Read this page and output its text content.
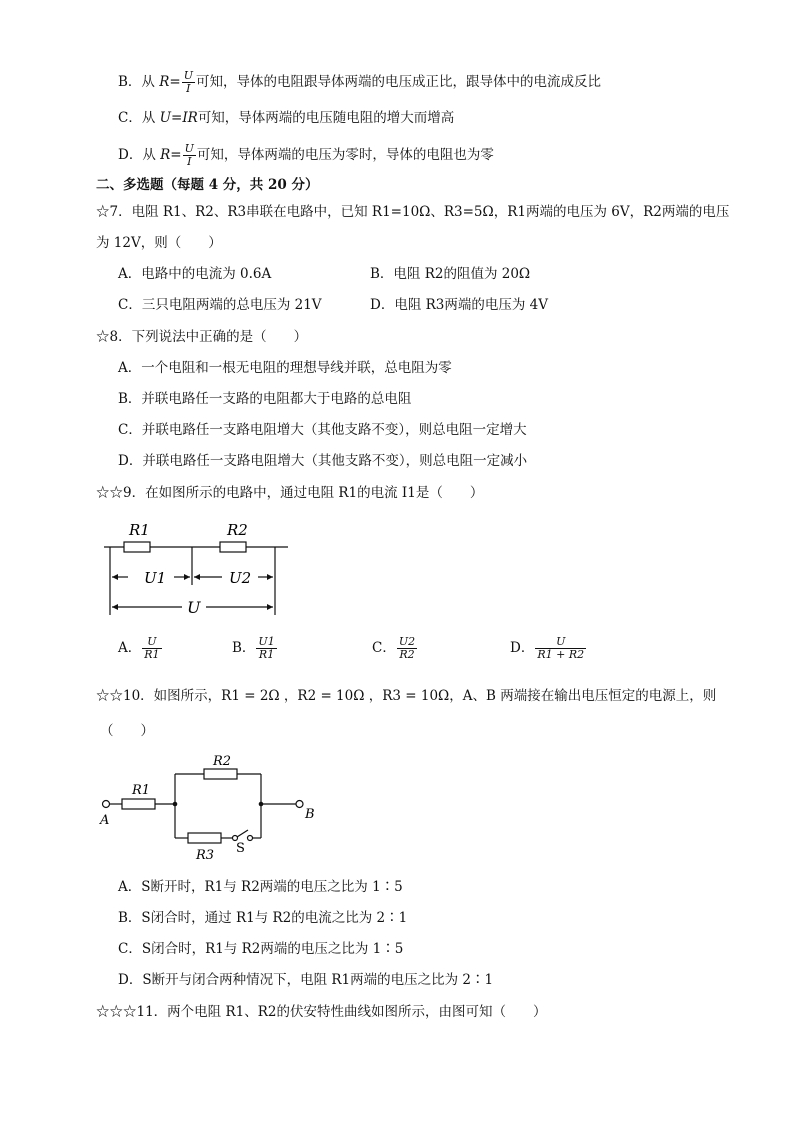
B．从 $R= \frac{U}{I}$ 可知，导体的电阻跟导体两端的电压成正比，跟导体中的电流成反比
C．从 U=IR可知，导体两端的电压随电阻的增大而增高
D．从 $R= \frac{U}{I}$ 可知，导体两端的电压为零时，导体的电阻也为零
二、多选题（每题 4 分，共 20 分）
☆7．电阻 R1、R2、R3串联在电路中，已知 R1=10Ω、R3=5Ω，R1两端的电压为 6V，R2两端的电压
为 12V，则（　　）
A．电路中的电流为 0.6A	B．电阻 R2的阻值为 20Ω
C．三只电阻两端的总电压为 21V	D．电阻 R3两端的电压为 4V
☆8．下列说法中正确的是（　　）
A．一个电阻和一根无电阻的理想导线并联，总电阻为零
B．并联电路任一支路的电阻都大于电路的总电阻
C．并联电路任一支路电阻增大（其他支路不变），则总电阻一定增大
D．并联电路任一支路电阻增大（其他支路不变），则总电阻一定减小
☆☆9．在如图所示的电路中，通过电阻 R1的电流 I1是（　　）
R1	R2
U1	U2
U
A． $\frac{U}{R1}$	B． $\frac{U1}{R1}$	C． $\frac{U2}{R2}$	D． $\frac{U}{R1 + R2}$
☆☆10．如图所示，R1 = 2Ω ，R2 = 10Ω ，R3 = 10Ω，A、B 两端接在输出电压恒定的电源上，则
（　　）
R1
R2
R3
A	B
S
A．S断开时，R1与 R2两端的电压之比为 1∶5
B．S闭合时，通过 R1与 R2的电流之比为 2∶1
C．S闭合时，R1与 R2两端的电压之比为 1∶5
D．S断开与闭合两种情况下，电阻 R1两端的电压之比为 2∶1
☆☆☆11．两个电阻 R1、R2的伏安特性曲线如图所示，由图可知（　　）
